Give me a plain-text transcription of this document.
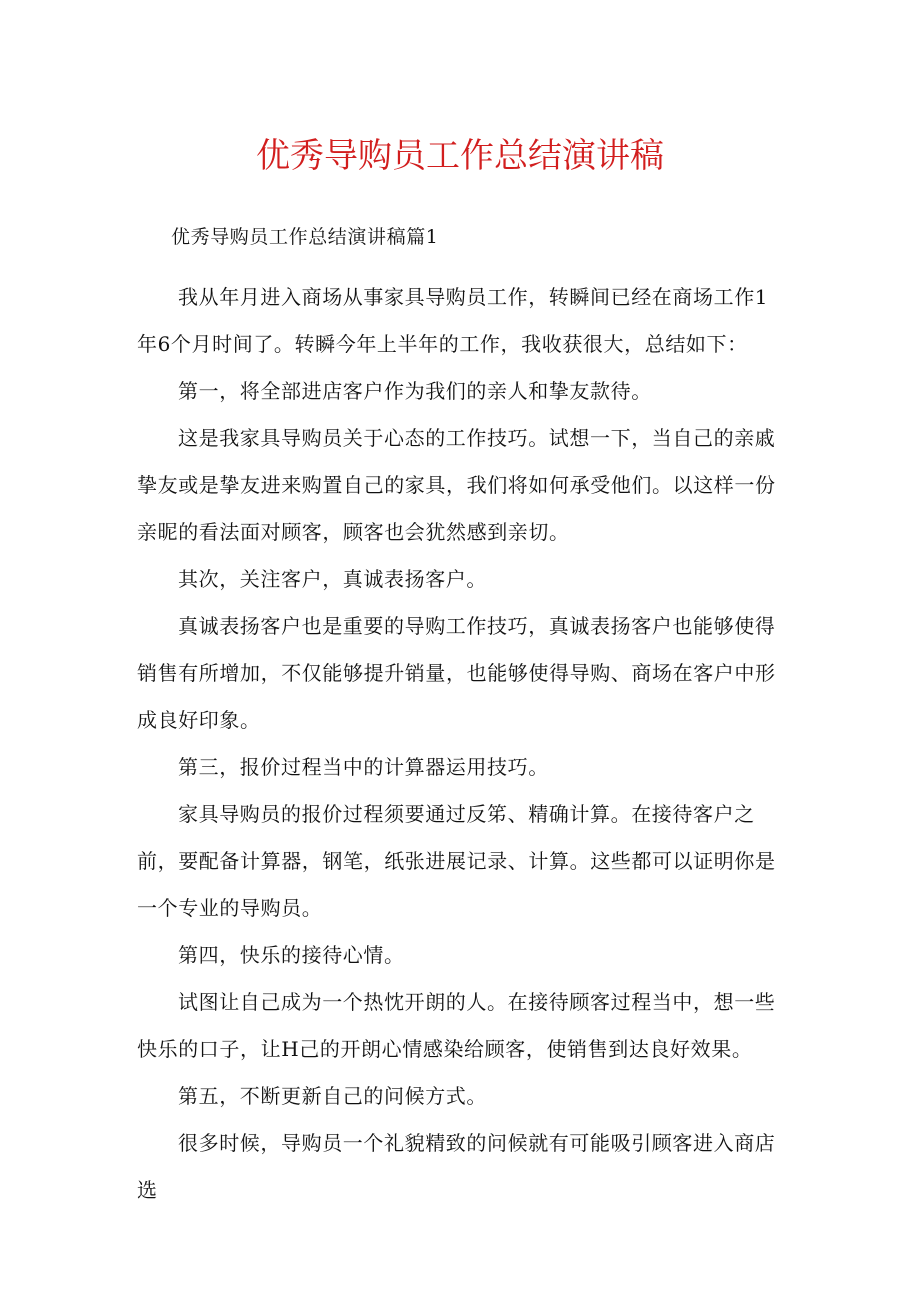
优秀导购员工作总结演讲稿

优秀导购员工作总结演讲稿篇1

我从年月进入商场从事家具导购员工作，转瞬间已经在商场工作1年6个月时间了。转瞬今年上半年的工作，我收获很大，总结如下：

第一，将全部进店客户作为我们的亲人和挚友款待。

这是我家具导购员关于心态的工作技巧。试想一下，当自己的亲戚挚友或是挚友进来购置自己的家具，我们将如何承受他们。以这样一份亲昵的看法面对顾客，顾客也会犹然感到亲切。

其次，关注客户，真诚表扬客户。

真诚表扬客户也是重要的导购工作技巧，真诚表扬客户也能够使得销售有所增加，不仅能够提升销量，也能够使得导购、商场在客户中形成良好印象。

第三，报价过程当中的计算器运用技巧。

家具导购员的报价过程须要通过反笫、精确计算。在接待客户之前，要配备计算器，钢笔，纸张进展记录、计算。这些都可以证明你是一个专业的导购员。

第四，快乐的接待心情。

试图让自己成为一个热忱开朗的人。在接待顾客过程当中，想一些快乐的口子，让H己的开朗心情感染给顾客，使销售到达良好效果。

第五，不断更新自己的问候方式。

很多时候，导购员一个礼貌精致的问候就有可能吸引顾客进入商店选
